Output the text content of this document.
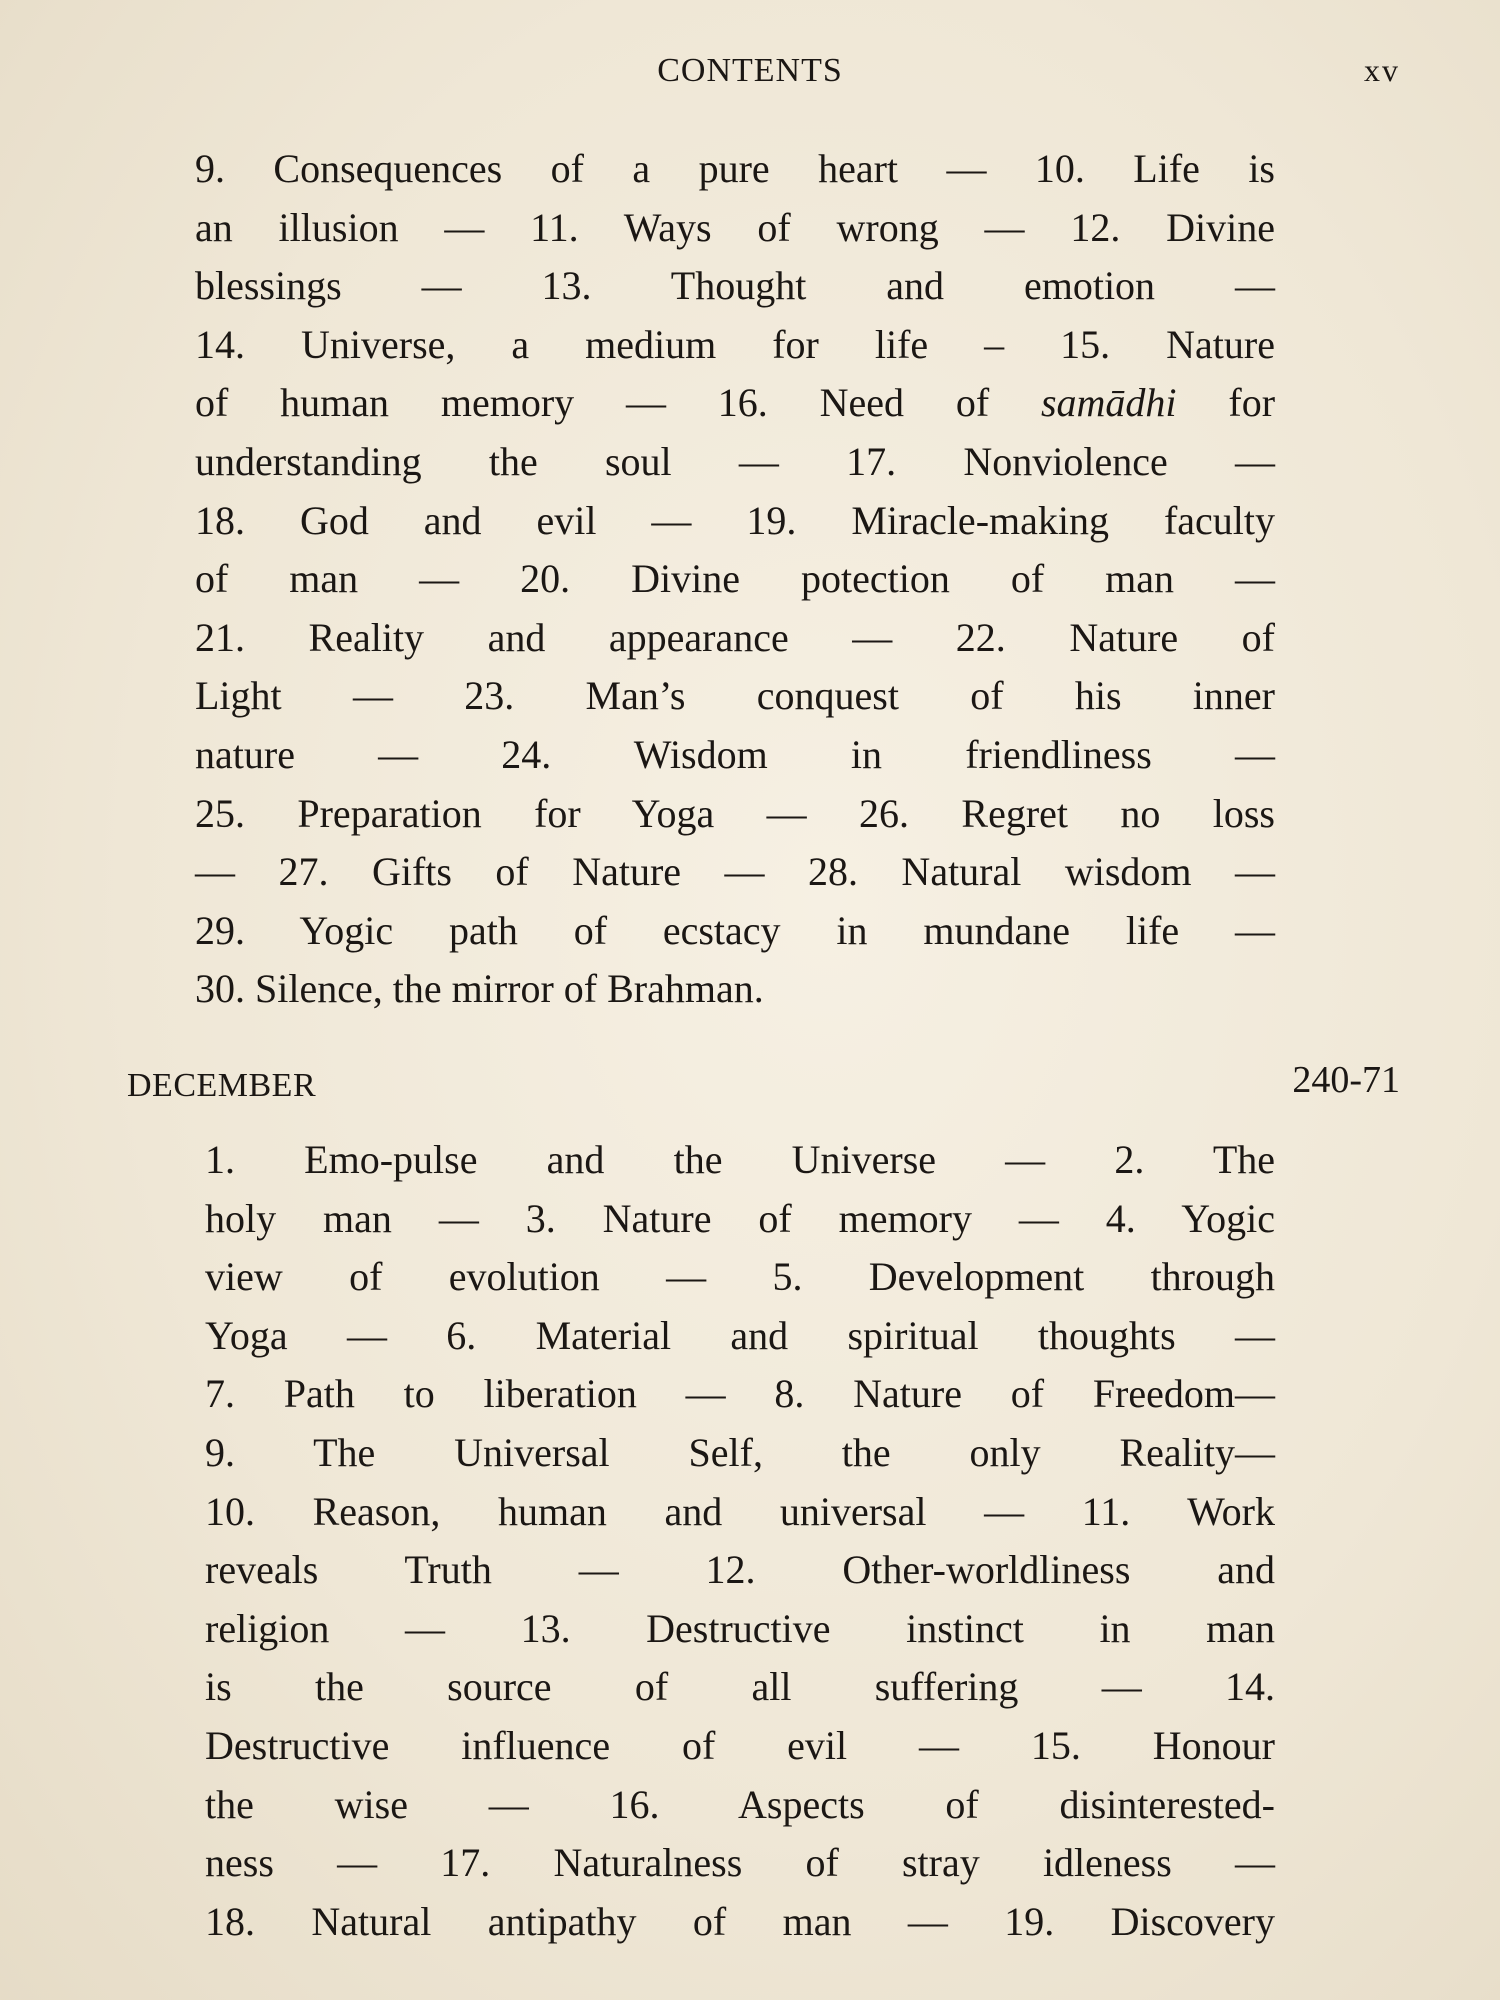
CONTENTS	xv
9. Consequences of a pure heart — 10. Life is
an illusion — 11. Ways of wrong — 12. Divine
blessings — 13. Thought and emotion —
14. Universe, a medium for life – 15. Nature
of human memory — 16. Need of samādhi for
understanding the soul — 17. Nonviolence —
18. God and evil — 19. Miracle-making faculty
of man — 20. Divine potection of man —
21. Reality and appearance — 22. Nature of
Light — 23. Man’s conquest of his inner
nature — 24. Wisdom in friendliness —
25. Preparation for Yoga — 26. Regret no loss
— 27. Gifts of Nature — 28. Natural wisdom —
29. Yogic path of ecstacy in mundane life —
30. Silence, the mirror of Brahman.
DECEMBER	240-71
1. Emo-pulse and the Universe — 2. The
holy man — 3. Nature of memory — 4. Yogic
view of evolution — 5. Development through
Yoga — 6. Material and spiritual thoughts —
7. Path to liberation — 8. Nature of Freedom—
9. The Universal Self, the only Reality—
10. Reason, human and universal — 11. Work
reveals Truth — 12. Other-worldliness and
religion — 13. Destructive instinct in man
is the source of all suffering — 14.
Destructive influence of evil –– 15. Honour
the wise — 16. Aspects of disinterested-
ness — 17. Naturalness of stray idleness —
18. Natural antipathy of man — 19. Discovery
